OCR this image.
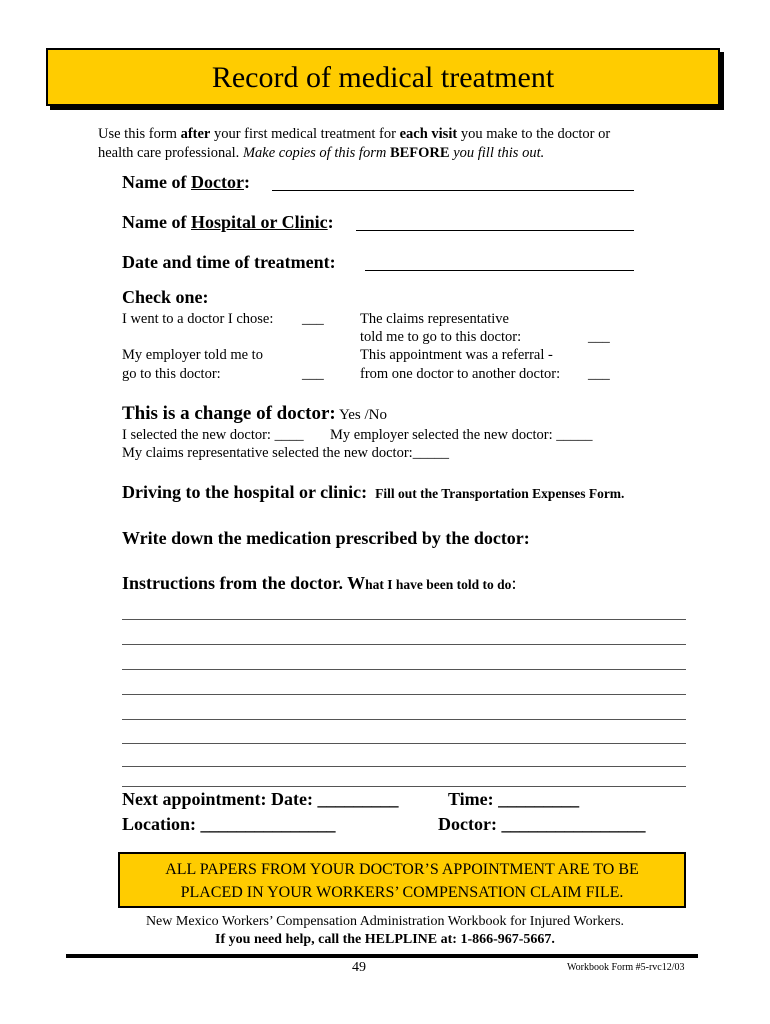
Record of medical treatment
Use this form after your first medical treatment for each visit you make to the doctor or
health care professional. Make copies of this form BEFORE you fill this out.
Name of Doctor:
Name of Hospital or Clinic:
Date and time of treatment:
Check one:
I went to a doctor I chose: ___
My employer told me to
go to this doctor:	___
The claims representative
told me to go to this doctor:	___
This appointment was a referral -
from one doctor to another doctor: ___
This is a change of doctor: Yes /No
I selected the new doctor: ____ My employer selected the new doctor: _____
My claims representative selected the new doctor:_____
Driving to the hospital or clinic: Fill out the Transportation Expenses Form.
Write down the medication prescribed by the doctor:
Instructions from the doctor. What I have been told to do:
Next appointment: Date: _________	Time: _________
Location: _______________	Doctor: ________________
ALL PAPERS FROM YOUR DOCTOR’S APPOINTMENT ARE TO BE
PLACED IN YOUR WORKERS’ COMPENSATION CLAIM FILE.
New Mexico Workers’ Compensation Administration Workbook for Injured Workers.
If you need help, call the HELPLINE at: 1-866-967-5667.
49	Workbook Form #5-rvc12/03
